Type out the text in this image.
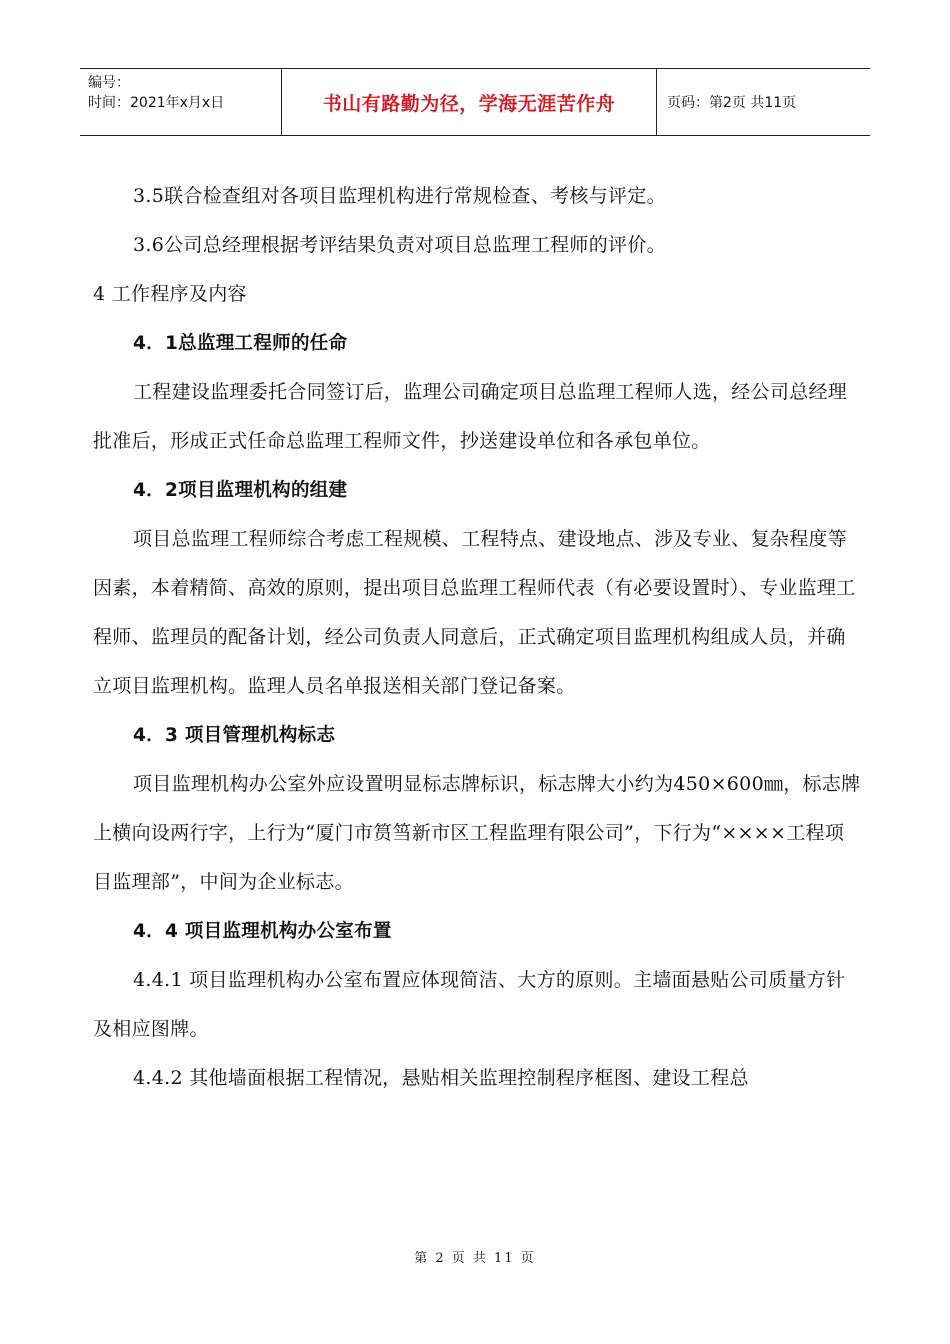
编号：
时间：2021年x月x日	书山有路勤为径，学海无涯苦作舟	页码：第2页 共11页

3.5联合检查组对各项目监理机构进行常规检查、考核与评定。

3.6公司总经理根据考评结果负责对项目总监理工程师的评价。

4 工作程序及内容

4．1总监理工程师的任命

工程建设监理委托合同签订后，监理公司确定项目总监理工程师人选，经公司总经理批准后，形成正式任命总监理工程师文件，抄送建设单位和各承包单位。

4．2项目监理机构的组建

项目总监理工程师综合考虑工程规模、工程特点、建设地点、涉及专业、复杂程度等因素，本着精简、高效的原则，提出项目总监理工程师代表（有必要设置时）、专业监理工程师、监理员的配备计划，经公司负责人同意后，正式确定项目监理机构组成人员，并确立项目监理机构。监理人员名单报送相关部门登记备案。

4．3 项目管理机构标志

项目监理机构办公室外应设置明显标志牌标识，标志牌大小约为450×600㎜，标志牌上横向设两行字，上行为“厦门市筼筜新市区工程监理有限公司”，下行为“××××工程项目监理部”，中间为企业标志。

4．4 项目监理机构办公室布置

4.4.1 项目监理机构办公室布置应体现简洁、大方的原则。主墙面悬贴公司质量方针及相应图牌。

4.4.2 其他墙面根据工程情况，悬贴相关监理控制程序框图、建设工程总

第 2 页 共 11 页
